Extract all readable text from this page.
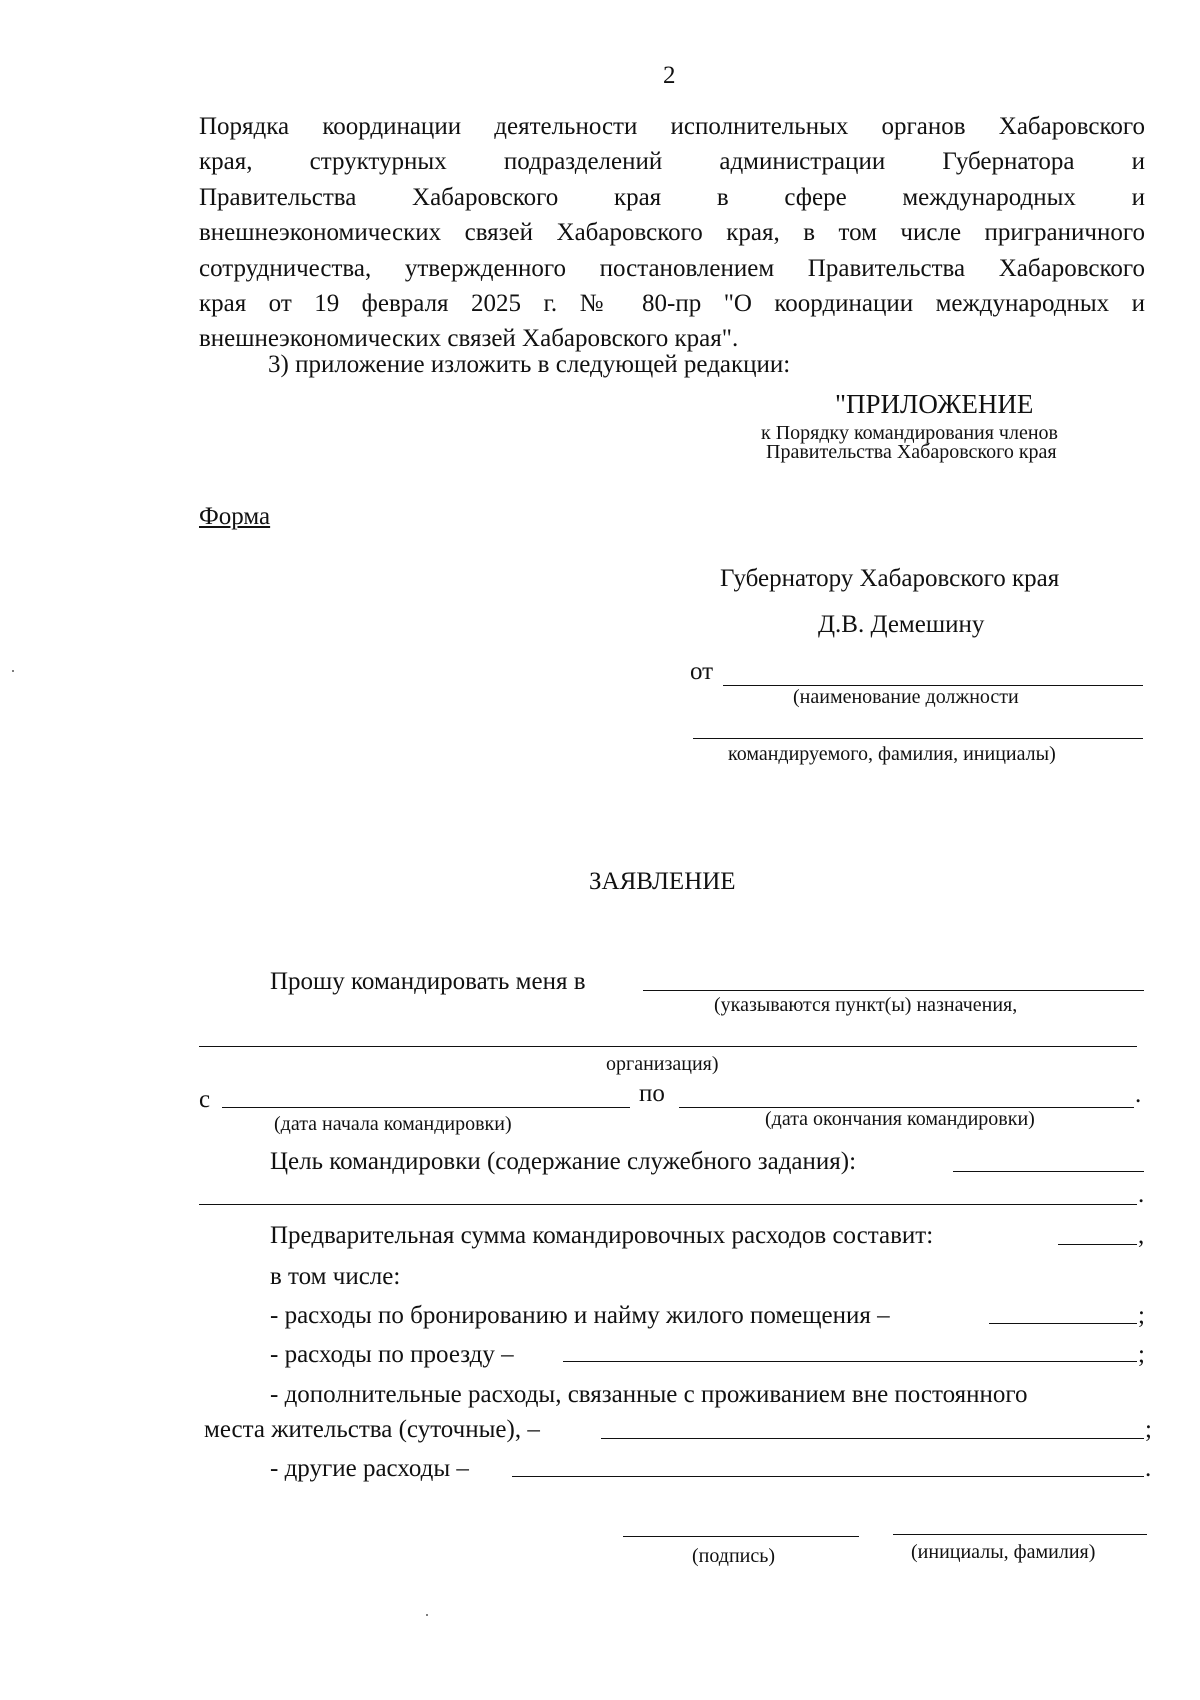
2
Порядка координации деятельности исполнительных органов Хабаровского
края, структурных подразделений администрации Губернатора и
Правительства Хабаровского края в сфере международных и
внешнеэкономических связей Хабаровского края, в том числе приграничного
сотрудничества, утвержденного постановлением Правительства Хабаровского
края от 19 февраля 2025 г. № 80-пр "О координации международных и
внешнеэкономических связей Хабаровского края".
3) приложение изложить в следующей редакции:
"ПРИЛОЖЕНИЕ
к Порядку командирования членов
Правительства Хабаровского края
Форма
Губернатору Хабаровского края
Д.В. Демешину
от
(наименование должности
командируемого, фамилия, инициалы)
ЗАЯВЛЕНИЕ
Прошу командировать меня в
(указываются пункт(ы) назначения,
организация)
с	по	.
(дата начала командировки)	(дата окончания командировки)
Цель командировки (содержание служебного задания):
.
Предварительная сумма командировочных расходов составит:	,
в том числе:
- расходы по бронированию и найму жилого помещения –	;
- расходы по проезду –	;
- дополнительные расходы, связанные с проживанием вне постоянного
места жительства (суточные), –	;
- другие расходы –	.
(подпись)	(инициалы, фамилия)
